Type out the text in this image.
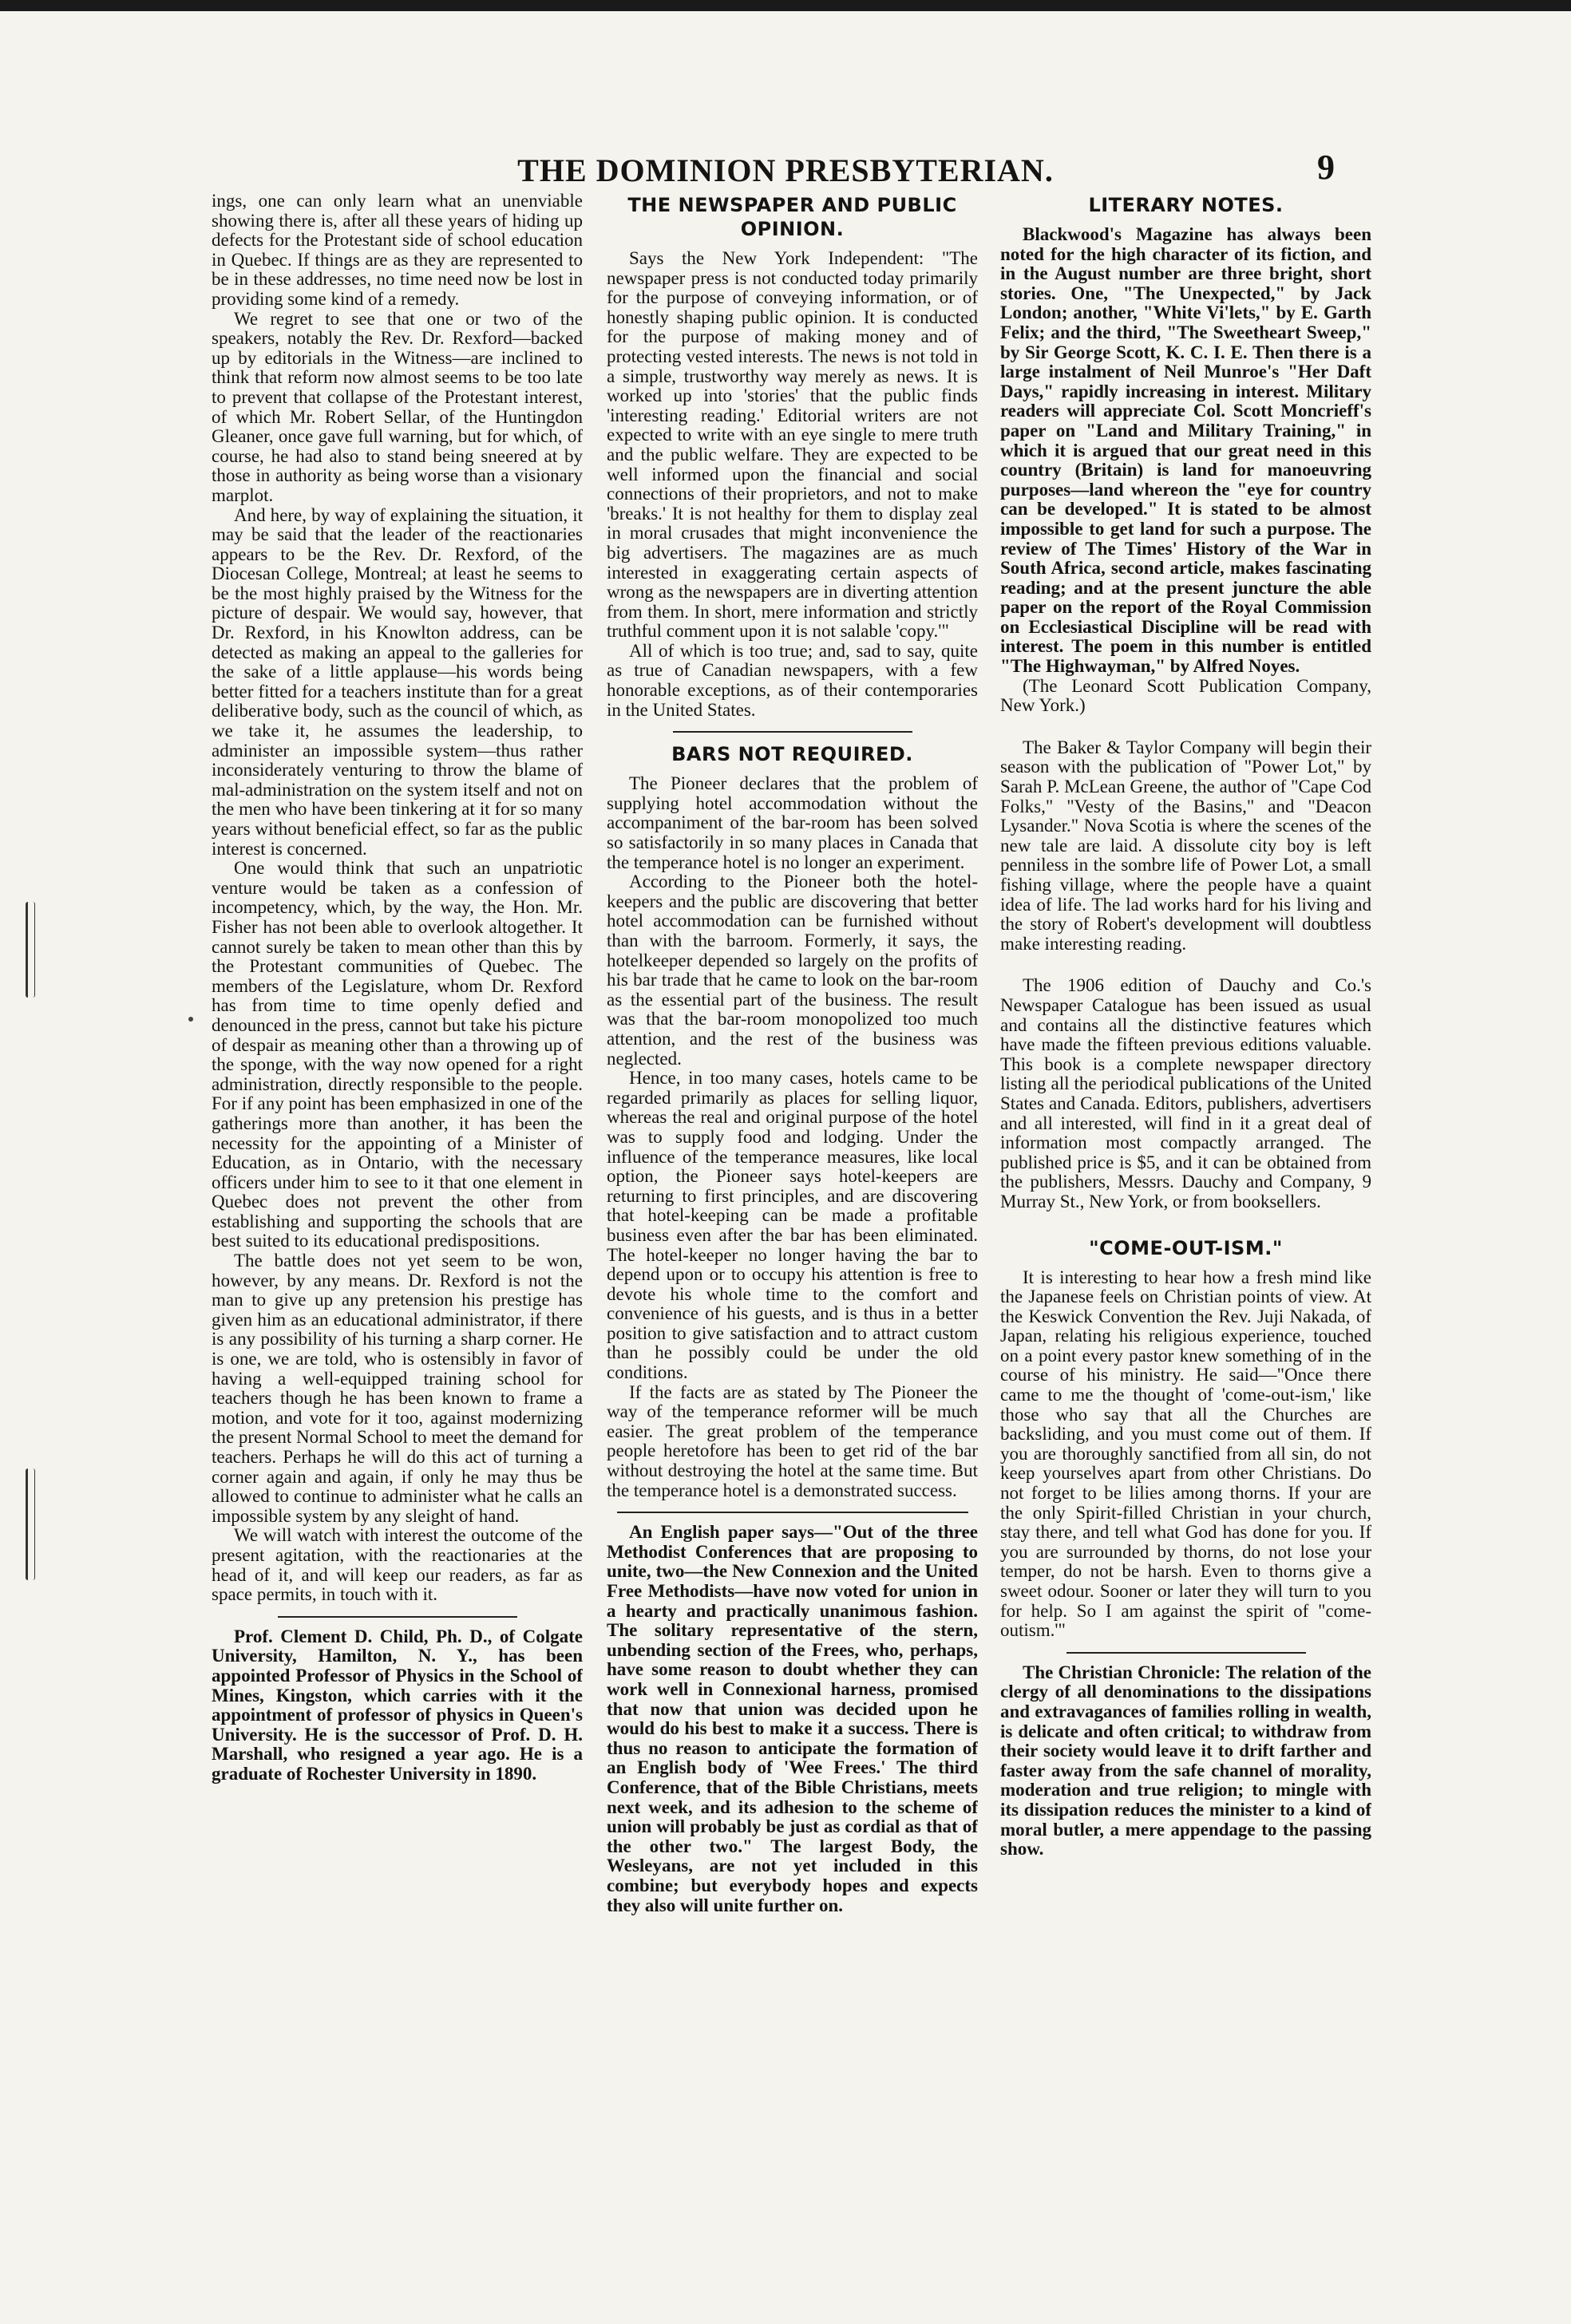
THE DOMINION PRESBYTERIAN.	9

ings, one can only learn what an unenviable showing there is, after all these years of hiding up defects for the Protestant side of school education in Quebec. If things are as they are represented to be in these addresses, no time need now be lost in providing some kind of a remedy.

We regret to see that one or two of the speakers, notably the Rev. Dr. Rexford—backed up by editorials in the Witness—are inclined to think that reform now almost seems to be too late to prevent that collapse of the Protestant interest, of which Mr. Robert Sellar, of the Huntingdon Gleaner, once gave full warning, but for which, of course, he had also to stand being sneered at by those in authority as being worse than a visionary marplot.

And here, by way of explaining the situation, it may be said that the leader of the reactionaries appears to be the Rev. Dr. Rexford, of the Diocesan College, Montreal; at least he seems to be the most highly praised by the Witness for the picture of despair. We would say, however, that Dr. Rexford, in his Knowlton address, can be detected as making an appeal to the galleries for the sake of a little applause—his words being better fitted for a teachers institute than for a great deliberative body, such as the council of which, as we take it, he assumes the leadership, to administer an impossible system—thus rather inconsiderately venturing to throw the blame of mal-administration on the system itself and not on the men who have been tinkering at it for so many years without beneficial effect, so far as the public interest is concerned.

One would think that such an unpatriotic venture would be taken as a confession of incompetency, which, by the way, the Hon. Mr. Fisher has not been able to overlook altogether. It cannot surely be taken to mean other than this by the Protestant communities of Quebec. The members of the Legislature, whom Dr. Rexford has from time to time openly defied and denounced in the press, cannot but take his picture of despair as meaning other than a throwing up of the sponge, with the way now opened for a right administration, directly responsible to the people. For if any point has been emphasized in one of the gatherings more than another, it has been the necessity for the appointing of a Minister of Education, as in Ontario, with the necessary officers under him to see to it that one element in Quebec does not prevent the other from establishing and supporting the schools that are best suited to its educational predispositions.

The battle does not yet seem to be won, however, by any means. Dr. Rexford is not the man to give up any pretension his prestige has given him as an educational administrator, if there is any possibility of his turning a sharp corner. He is one, we are told, who is ostensibly in favor of having a well-equipped training school for teachers though he has been known to frame a motion, and vote for it too, against modernizing the present Normal School to meet the demand for teachers. Perhaps he will do this act of turning a corner again and again, if only he may thus be allowed to continue to administer what he calls an impossible system by any sleight of hand.

We will watch with interest the outcome of the present agitation, with the reactionaries at the head of it, and will keep our readers, as far as space permits, in touch with it.

Prof. Clement D. Child, Ph. D., of Colgate University, Hamilton, N. Y., has been appointed Professor of Physics in the School of Mines, Kingston, which carries with it the appointment of professor of physics in Queen's University. He is the successor of Prof. D. H. Marshall, who resigned a year ago. He is a graduate of Rochester University in 1890.

THE NEWSPAPER AND PUBLIC OPINION.

Says the New York Independent: "The newspaper press is not conducted today primarily for the purpose of conveying information, or of honestly shaping public opinion. It is conducted for the purpose of making money and of protecting vested interests. The news is not told in a simple, trustworthy way merely as news. It is worked up into 'stories' that the public finds 'interesting reading.' Editorial writers are not expected to write with an eye single to mere truth and the public welfare. They are expected to be well informed upon the financial and social connections of their proprietors, and not to make 'breaks.' It is not healthy for them to display zeal in moral crusades that might inconvenience the big advertisers. The magazines are as much interested in exaggerating certain aspects of wrong as the newspapers are in diverting attention from them. In short, mere information and strictly truthful comment upon it is not salable 'copy.'"

All of which is too true; and, sad to say, quite as true of Canadian newspapers, with a few honorable exceptions, as of their contemporaries in the United States.

BARS NOT REQUIRED.

The Pioneer declares that the problem of supplying hotel accommodation without the accompaniment of the bar-room has been solved so satisfactorily in so many places in Canada that the temperance hotel is no longer an experiment.

According to the Pioneer both the hotel-keepers and the public are discovering that better hotel accommodation can be furnished without than with the barroom. Formerly, it says, the hotelkeeper depended so largely on the profits of his bar trade that he came to look on the bar-room as the essential part of the business. The result was that the bar-room monopolized too much attention, and the rest of the business was neglected.

Hence, in too many cases, hotels came to be regarded primarily as places for selling liquor, whereas the real and original purpose of the hotel was to supply food and lodging. Under the influence of the temperance measures, like local option, the Pioneer says hotel-keepers are returning to first principles, and are discovering that hotel-keeping can be made a profitable business even after the bar has been eliminated. The hotel-keeper no longer having the bar to depend upon or to occupy his attention is free to devote his whole time to the comfort and convenience of his guests, and is thus in a better position to give satisfaction and to attract custom than he possibly could be under the old conditions.

If the facts are as stated by The Pioneer the way of the temperance reformer will be much easier. The great problem of the temperance people heretofore has been to get rid of the bar without destroying the hotel at the same time. But the temperance hotel is a demonstrated success.

An English paper says—"Out of the three Methodist Conferences that are proposing to unite, two—the New Connexion and the United Free Methodists—have now voted for union in a hearty and practically unanimous fashion. The solitary representative of the stern, unbending section of the Frees, who, perhaps, have some reason to doubt whether they can work well in Connexional harness, promised that now that union was decided upon he would do his best to make it a success. There is thus no reason to anticipate the formation of an English body of 'Wee Frees.' The third Conference, that of the Bible Christians, meets next week, and its adhesion to the scheme of union will probably be just as cordial as that of the other two." The largest Body, the Wesleyans, are not yet included in this combine; but everybody hopes and expects they also will unite further on.

LITERARY NOTES.

Blackwood's Magazine has always been noted for the high character of its fiction, and in the August number are three bright, short stories. One, "The Unexpected," by Jack London; another, "White Vi'lets," by E. Garth Felix; and the third, "The Sweetheart Sweep," by Sir George Scott, K. C. I. E. Then there is a large instalment of Neil Munroe's "Her Daft Days," rapidly increasing in interest. Military readers will appreciate Col. Scott Moncrieff's paper on "Land and Military Training," in which it is argued that our great need in this country (Britain) is land for manoeuvring purposes—land whereon the "eye for country can be developed." It is stated to be almost impossible to get land for such a purpose. The review of The Times' History of the War in South Africa, second article, makes fascinating reading; and at the present juncture the able paper on the report of the Royal Commission on Ecclesiastical Discipline will be read with interest. The poem in this number is entitled "The Highwayman," by Alfred Noyes.

(The Leonard Scott Publication Company, New York.)

The Baker & Taylor Company will begin their season with the publication of "Power Lot," by Sarah P. McLean Greene, the author of "Cape Cod Folks," "Vesty of the Basins," and "Deacon Lysander." Nova Scotia is where the scenes of the new tale are laid. A dissolute city boy is left penniless in the sombre life of Power Lot, a small fishing village, where the people have a quaint idea of life. The lad works hard for his living and the story of Robert's development will doubtless make interesting reading.

The 1906 edition of Dauchy and Co.'s Newspaper Catalogue has been issued as usual and contains all the distinctive features which have made the fifteen previous editions valuable. This book is a complete newspaper directory listing all the periodical publications of the United States and Canada. Editors, publishers, advertisers and all interested, will find in it a great deal of information most compactly arranged. The published price is $5, and it can be obtained from the publishers, Messrs. Dauchy and Company, 9 Murray St., New York, or from booksellers.

"COME-OUT-ISM."

It is interesting to hear how a fresh mind like the Japanese feels on Christian points of view. At the Keswick Convention the Rev. Juji Nakada, of Japan, relating his religious experience, touched on a point every pastor knew something of in the course of his ministry. He said—"Once there came to me the thought of 'come-out-ism,' like those who say that all the Churches are backsliding, and you must come out of them. If you are thoroughly sanctified from all sin, do not keep yourselves apart from other Christians. Do not forget to be lilies among thorns. If your are the only Spirit-filled Christian in your church, stay there, and tell what God has done for you. If you are surrounded by thorns, do not lose your temper, do not be harsh. Even to thorns give a sweet odour. Sooner or later they will turn to you for help. So I am against the spirit of "come-outism.'"

The Christian Chronicle: The relation of the clergy of all denominations to the dissipations and extravagances of families rolling in wealth, is delicate and often critical; to withdraw from their society would leave it to drift farther and faster away from the safe channel of morality, moderation and true religion; to mingle with its dissipation reduces the minister to a kind of moral butler, a mere appendage to the passing show.
